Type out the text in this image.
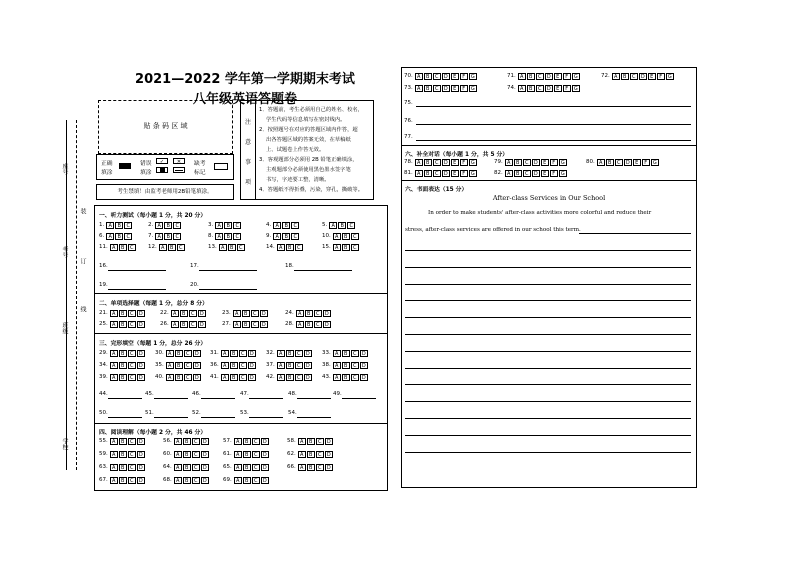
2021—2022 学年第一学期期末考试
八年级英语答题卷
座号
考号
班级
学校
装
订
线
贴 条 码 区 域
正确
填涂
错误
填涂
✓	✕	缺考
标记
考生禁填！由监考老师用2B铅笔填涂。
注
意
事
项
1．答题前，考生必须用自己的姓名、校名，
学生代码等信息填写在密封线内。
2．按照题号在对应的答题区域内作答，超
出各答题区域的答案无效，在草稿纸
上、试题卷上作答无效。
3．客观题部分必须用 2B 铅笔正确填涂，
主观题部分必须使用黑色墨水签字笔
书写，字迹要工整，清晰。
4．答题纸不得折叠，污染，穿孔，撕破等。
一、听力测试（每小题 1 分，共 20 分）
1. A B C	2. A B C	3. A B C	4. A B C	5. A B C
6. A B C	7. A B C	8. A B C	9. A B C	10. A B C
11. A B C	12. A B C	13. A B C	14. A B C	15. A B C
16.	17.	18.
19.	20.
二、单项选择题（每题 1 分，总分 8 分）
21. A B C D	22. A B C D	23. A B C D	24. A B C D
25. A B C D	26. A B C D	27. A B C D	28. A B C D
三、完形填空（每题 1 分，总分 26 分）
29. A B C D	30. A B C D	31. A B C D	32. A B C D	33. A B C D
34. A B C D	35. A B C D	36. A B C D	37. A B C D	38. A B C D
39. A B C D	40. A B C D	41. A B C D	42. A B C D	43. A B C D
44.	45.	46.	47.	48.	49.
50.	51.	52.	53.	54.
四、阅读理解（每小题 2 分，共 46 分）
55. A B C D	56. A B C D	57. A B C D	58. A B C D
59. A B C D	60. A B C D	61. A B C D	62. A B C D
63. A B C D	64. A B C D	65. A B C D	66. A B C D
67. A B C D	68. A B C D	69. A B C D
70. A B C D E F G	71. A B C D E F G	72. A B C D E F G
73. A B C D E F G	74. A B C D E F G
75.
76.
77.
78. A B C D E F G	79. A B C D E F G	80. A B C D E F G
81. A B C D E F G	82. A B C D E F G
六、补全对话（每小题 1 分，共 5 分）
六、书面表达（15 分）
After-class Services in Our School
In order to make students' after-class activities more colorful and reduce their
stress, after-class services are offered in our school this term.
